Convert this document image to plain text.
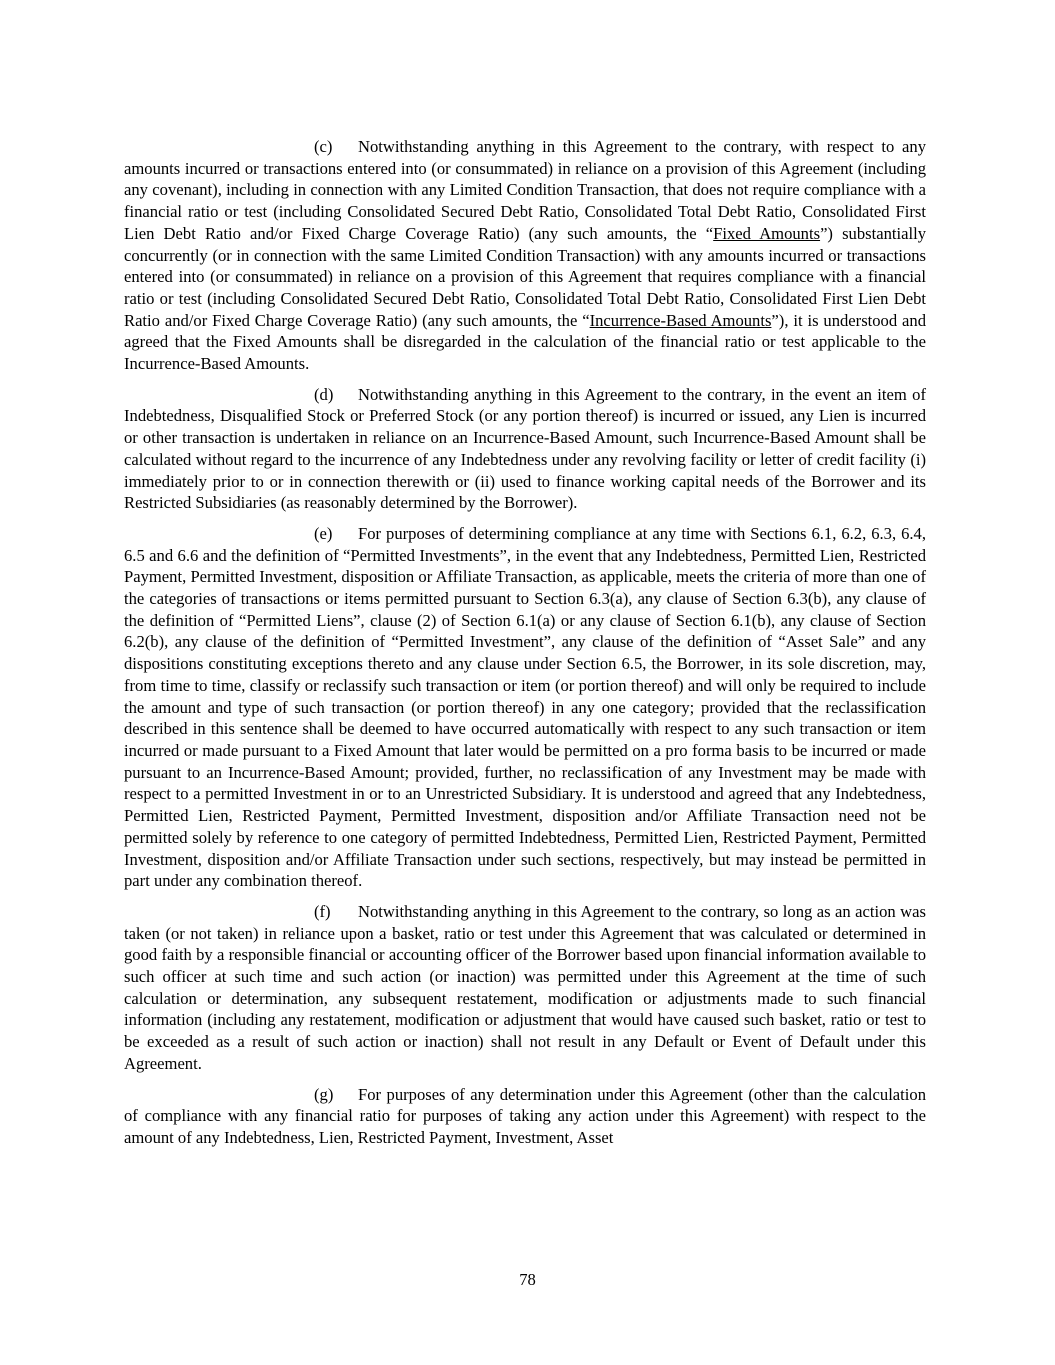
(c) Notwithstanding anything in this Agreement to the contrary, with respect to any amounts incurred or transactions entered into (or consummated) in reliance on a provision of this Agreement (including any covenant), including in connection with any Limited Condition Transaction, that does not require compliance with a financial ratio or test (including Consolidated Secured Debt Ratio, Consolidated Total Debt Ratio, Consolidated First Lien Debt Ratio and/or Fixed Charge Coverage Ratio) (any such amounts, the “Fixed Amounts”) substantially concurrently (or in connection with the same Limited Condition Transaction) with any amounts incurred or transactions entered into (or consummated) in reliance on a provision of this Agreement that requires compliance with a financial ratio or test (including Consolidated Secured Debt Ratio, Consolidated Total Debt Ratio, Consolidated First Lien Debt Ratio and/or Fixed Charge Coverage Ratio) (any such amounts, the “Incurrence-Based Amounts”), it is understood and agreed that the Fixed Amounts shall be disregarded in the calculation of the financial ratio or test applicable to the Incurrence-Based Amounts.

(d) Notwithstanding anything in this Agreement to the contrary, in the event an item of Indebtedness, Disqualified Stock or Preferred Stock (or any portion thereof) is incurred or issued, any Lien is incurred or other transaction is undertaken in reliance on an Incurrence-Based Amount, such Incurrence-Based Amount shall be calculated without regard to the incurrence of any Indebtedness under any revolving facility or letter of credit facility (i) immediately prior to or in connection therewith or (ii) used to finance working capital needs of the Borrower and its Restricted Subsidiaries (as reasonably determined by the Borrower).

(e) For purposes of determining compliance at any time with Sections 6.1, 6.2, 6.3, 6.4, 6.5 and 6.6 and the definition of “Permitted Investments”, in the event that any Indebtedness, Permitted Lien, Restricted Payment, Permitted Investment, disposition or Affiliate Transaction, as applicable, meets the criteria of more than one of the categories of transactions or items permitted pursuant to Section 6.3(a), any clause of Section 6.3(b), any clause of the definition of “Permitted Liens”, clause (2) of Section 6.1(a) or any clause of Section 6.1(b), any clause of Section 6.2(b), any clause of the definition of “Permitted Investment”, any clause of the definition of “Asset Sale” and any dispositions constituting exceptions thereto and any clause under Section 6.5, the Borrower, in its sole discretion, may, from time to time, classify or reclassify such transaction or item (or portion thereof) and will only be required to include the amount and type of such transaction (or portion thereof) in any one category; provided that the reclassification described in this sentence shall be deemed to have occurred automatically with respect to any such transaction or item incurred or made pursuant to a Fixed Amount that later would be permitted on a pro forma basis to be incurred or made pursuant to an Incurrence-Based Amount; provided, further, no reclassification of any Investment may be made with respect to a permitted Investment in or to an Unrestricted Subsidiary. It is understood and agreed that any Indebtedness, Permitted Lien, Restricted Payment, Permitted Investment, disposition and/or Affiliate Transaction need not be permitted solely by reference to one category of permitted Indebtedness, Permitted Lien, Restricted Payment, Permitted Investment, disposition and/or Affiliate Transaction under such sections, respectively, but may instead be permitted in part under any combination thereof.

(f) Notwithstanding anything in this Agreement to the contrary, so long as an action was taken (or not taken) in reliance upon a basket, ratio or test under this Agreement that was calculated or determined in good faith by a responsible financial or accounting officer of the Borrower based upon financial information available to such officer at such time and such action (or inaction) was permitted under this Agreement at the time of such calculation or determination, any subsequent restatement, modification or adjustments made to such financial information (including any restatement, modification or adjustment that would have caused such basket, ratio or test to be exceeded as a result of such action or inaction) shall not result in any Default or Event of Default under this Agreement.

(g) For purposes of any determination under this Agreement (other than the calculation of compliance with any financial ratio for purposes of taking any action under this Agreement) with respect to the amount of any Indebtedness, Lien, Restricted Payment, Investment, Asset

78
